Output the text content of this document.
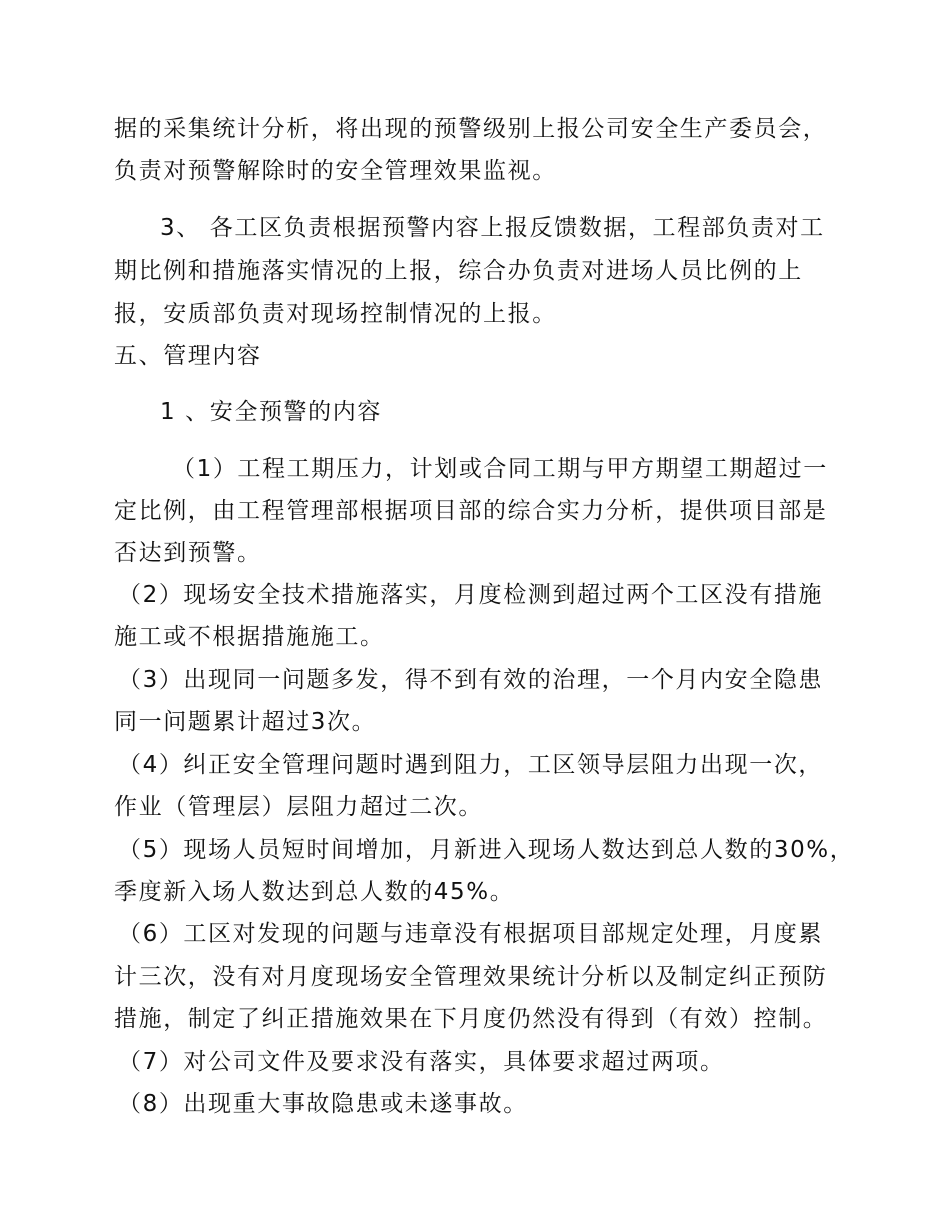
据的采集统计分析，将出现的预警级别上报公司安全生产委员会，
负责对预警解除时的安全管理效果监视。
3、 各工区负责根据预警内容上报反馈数据，工程部负责对工
期比例和措施落实情况的上报，综合办负责对进场人员比例的上
报，安质部负责对现场控制情况的上报。
五、管理内容
1 、安全预警的内容
（1）工程工期压力，计划或合同工期与甲方期望工期超过一
定比例，由工程管理部根据项目部的综合实力分析，提供项目部是
否达到预警。
（2）现场安全技术措施落实，月度检测到超过两个工区没有措施
施工或不根据措施施工。
（3）出现同一问题多发，得不到有效的治理，一个月内安全隐患
同一问题累计超过3次。
（4）纠正安全管理问题时遇到阻力，工区领导层阻力出现一次，
作业（管理层）层阻力超过二次。
（5）现场人员短时间增加，月新进入现场人数达到总人数的30%，
季度新入场人数达到总人数的45%。
（6）工区对发现的问题与违章没有根据项目部规定处理，月度累
计三次，没有对月度现场安全管理效果统计分析以及制定纠正预防
措施，制定了纠正措施效果在下月度仍然没有得到（有效）控制。
（7）对公司文件及要求没有落实，具体要求超过两项。
（8）出现重大事故隐患或未遂事故。
